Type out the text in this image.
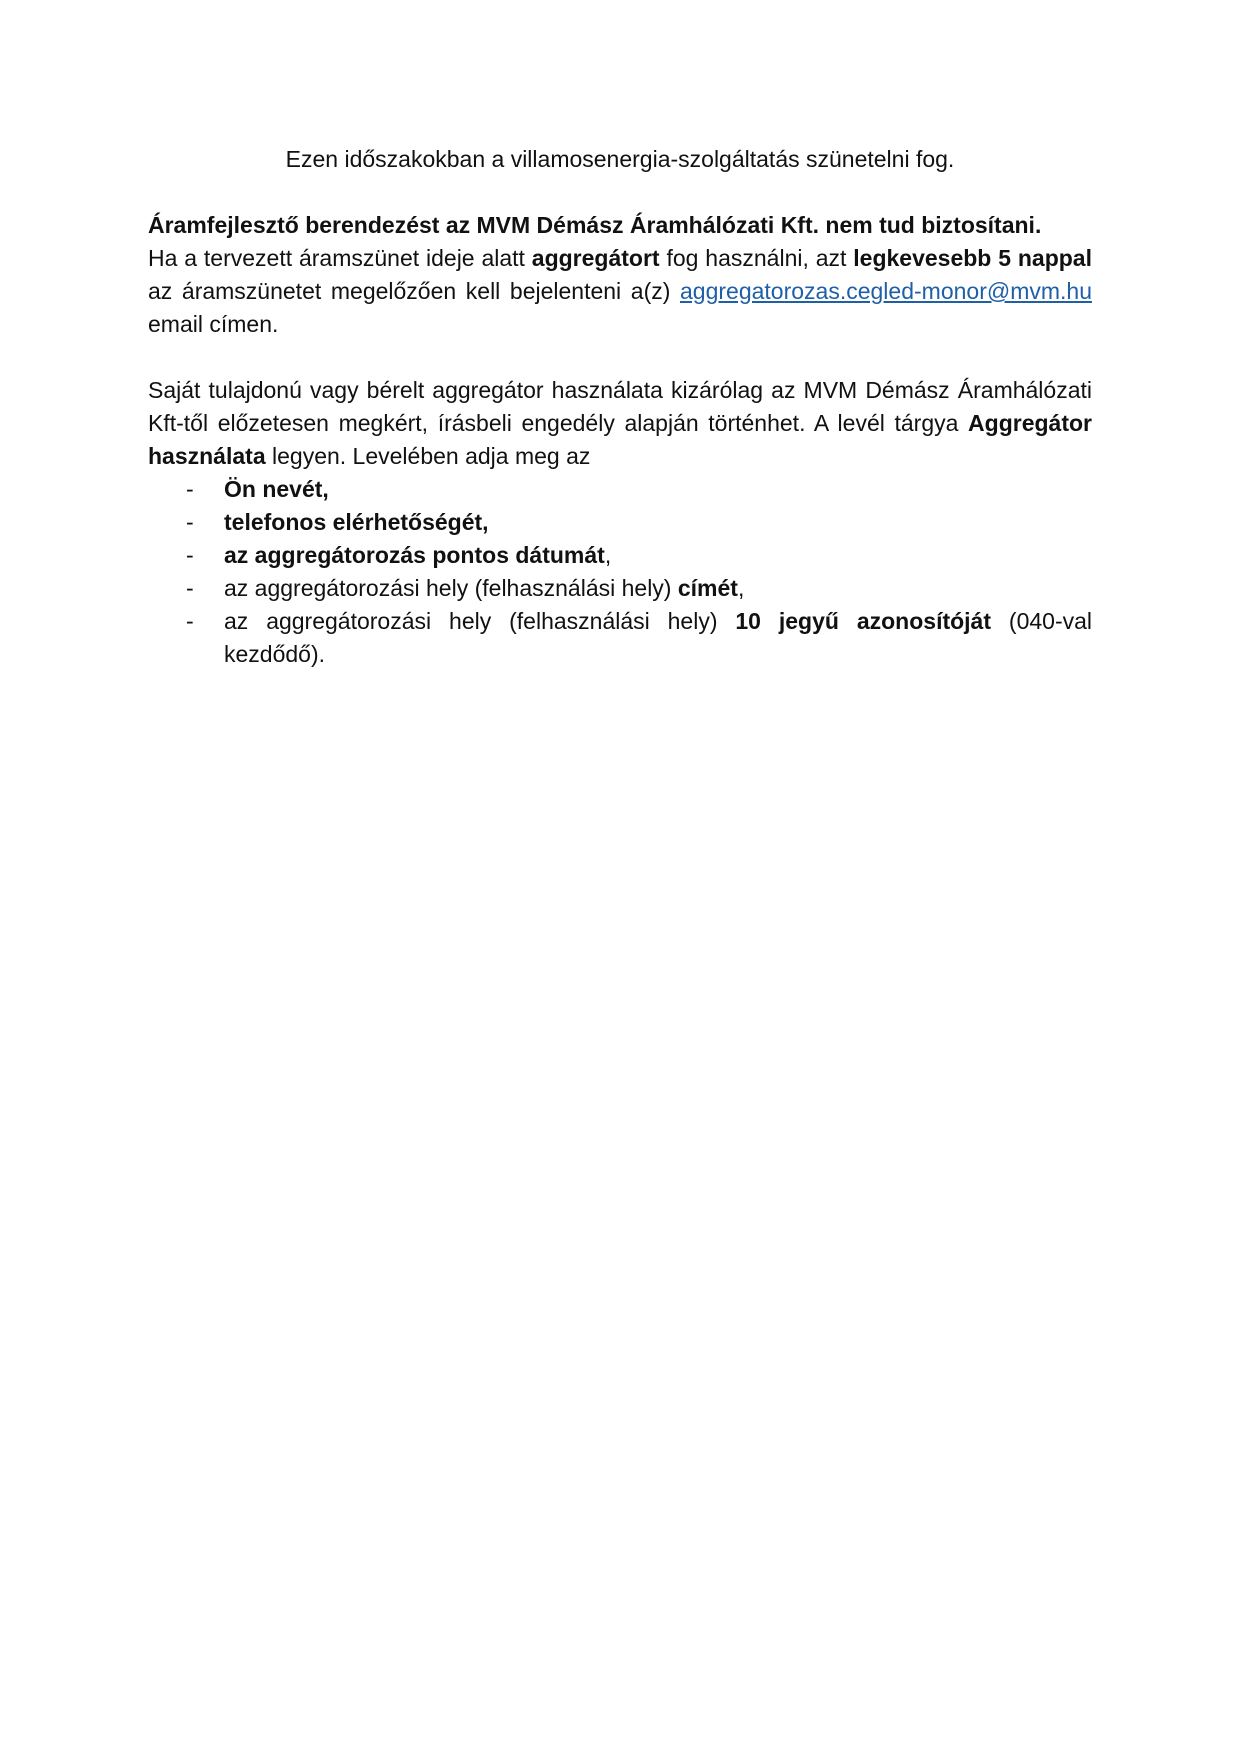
Ezen időszakokban a villamosenergia-szolgáltatás szünetelni fog.

Áramfejlesztő berendezést az MVM Démász Áramhálózati Kft. nem tud biztosítani.

Ha a tervezett áramszünet ideje alatt aggregátort fog használni, azt legkevesebb 5 nappal az áramszünetet megelőzően kell bejelenteni a(z) aggregatorozas.cegled-monor@mvm.hu email címen.

Saját tulajdonú vagy bérelt aggregátor használata kizárólag az MVM Démász Áramhálózati Kft-től előzetesen megkért, írásbeli engedély alapján történhet. A levél tárgya Aggregátor használata legyen. Levelében adja meg az

- Ön nevét,
- telefonos elérhetőségét,
- az aggregátorozás pontos dátumát,
- az aggregátorozási hely (felhasználási hely) címét,
- az aggregátorozási hely (felhasználási hely) 10 jegyű azonosítóját (040-val kezdődő).
